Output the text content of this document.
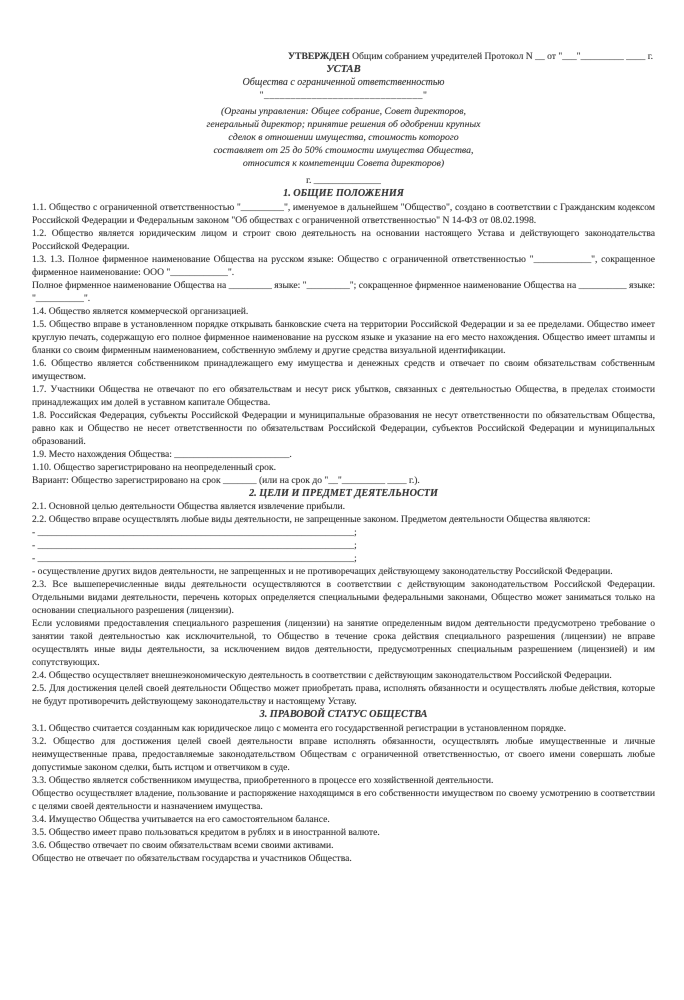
УТВЕРЖДЕН Общим собранием учредителей Протокол N __ от "___"_________ ____ г.
УСТАВ
Общества с ограниченной ответственностью
"______________________________"
(Органы управления: Общее собрание, Совет директоров,
генеральный директор; принятие решения об одобрении крупных
сделок в отношении имущества, стоимость которого
составляет от 25 до 50% стоимости имущества Общества,
относится к компетенции Совета директоров)
г. ______________
1. ОБЩИЕ ПОЛОЖЕНИЯ

1.1. Общество с ограниченной ответственностью "_________", именуемое в дальнейшем "Общество", создано в соответствии с Гражданским кодексом Российской Федерации и Федеральным законом "Об обществах с ограниченной ответственностью" N 14-ФЗ от 08.02.1998.

1.2. Общество является юридическим лицом и строит свою деятельность на основании настоящего Устава и действующего законодательства Российской Федерации.

1.3. 1.3. Полное фирменное наименование Общества на русском языке: Общество с ограниченной ответственностью "____________", сокращенное фирменное наименование: ООО "____________".

Полное фирменное наименование Общества на _________ языке: "_________"; сокращенное фирменное наименование Общества на __________ языке: "__________".

1.4. Общество является коммерческой организацией.

1.5. Общество вправе в установленном порядке открывать банковские счета на территории Российской Федерации и за ее пределами. Общество имеет круглую печать, содержащую его полное фирменное наименование на русском языке и указание на его место нахождения. Общество имеет штампы и бланки со своим фирменным наименованием, собственную эмблему и другие средства визуальной идентификации.

1.6. Общество является собственником принадлежащего ему имущества и денежных средств и отвечает по своим обязательствам собственным имуществом.

1.7. Участники Общества не отвечают по его обязательствам и несут риск убытков, связанных с деятельностью Общества, в пределах стоимости принадлежащих им долей в уставном капитале Общества.

1.8. Российская Федерация, субъекты Российской Федерации и муниципальные образования не несут ответственности по обязательствам Общества, равно как и Общество не несет ответственности по обязательствам Российской Федерации, субъектов Российской Федерации и муниципальных образований.

1.9. Место нахождения Общества: ________________________.

1.10. Общество зарегистрировано на неопределенный срок.

Вариант: Общество зарегистрировано на срок _______ (или на срок до "__"_________ ____ г.).

2. ЦЕЛИ И ПРЕДМЕТ ДЕЯТЕЛЬНОСТИ

2.1. Основной целью деятельности Общества является извлечение прибыли.

2.2. Общество вправе осуществлять любые виды деятельности, не запрещенные законом. Предметом деятельности Общества являются:

- __________________________________________________________________;

- __________________________________________________________________;

- __________________________________________________________________;

- осуществление других видов деятельности, не запрещенных и не противоречащих действующему законодательству Российской Федерации.

2.3. Все вышеперечисленные виды деятельности осуществляются в соответствии с действующим законодательством Российской Федерации. Отдельными видами деятельности, перечень которых определяется специальными федеральными законами, Общество может заниматься только на основании специального разрешения (лицензии).

Если условиями предоставления специального разрешения (лицензии) на занятие определенным видом деятельности предусмотрено требование о занятии такой деятельностью как исключительной, то Общество в течение срока действия специального разрешения (лицензии) не вправе осуществлять иные виды деятельности, за исключением видов деятельности, предусмотренных специальным разрешением (лицензией) и им сопутствующих.

2.4. Общество осуществляет внешнеэкономическую деятельность в соответствии с действующим законодательством Российской Федерации.

2.5. Для достижения целей своей деятельности Общество может приобретать права, исполнять обязанности и осуществлять любые действия, которые не будут противоречить действующему законодательству и настоящему Уставу.

3. ПРАВОВОЙ СТАТУС ОБЩЕСТВА

3.1. Общество считается созданным как юридическое лицо с момента его государственной регистрации в установленном порядке.

3.2. Общество для достижения целей своей деятельности вправе исполнять обязанности, осуществлять любые имущественные и личные неимущественные права, предоставляемые законодательством Обществам с ограниченной ответственностью, от своего имени совершать любые допустимые законом сделки, быть истцом и ответчиком в суде.

3.3. Общество является собственником имущества, приобретенного в процессе его хозяйственной деятельности.

Общество осуществляет владение, пользование и распоряжение находящимся в его собственности имуществом по своему усмотрению в соответствии с целями своей деятельности и назначением имущества.

3.4. Имущество Общества учитывается на его самостоятельном балансе.

3.5. Общество имеет право пользоваться кредитом в рублях и в иностранной валюте.

3.6. Общество отвечает по своим обязательствам всеми своими активами.

Общество не отвечает по обязательствам государства и участников Общества.
